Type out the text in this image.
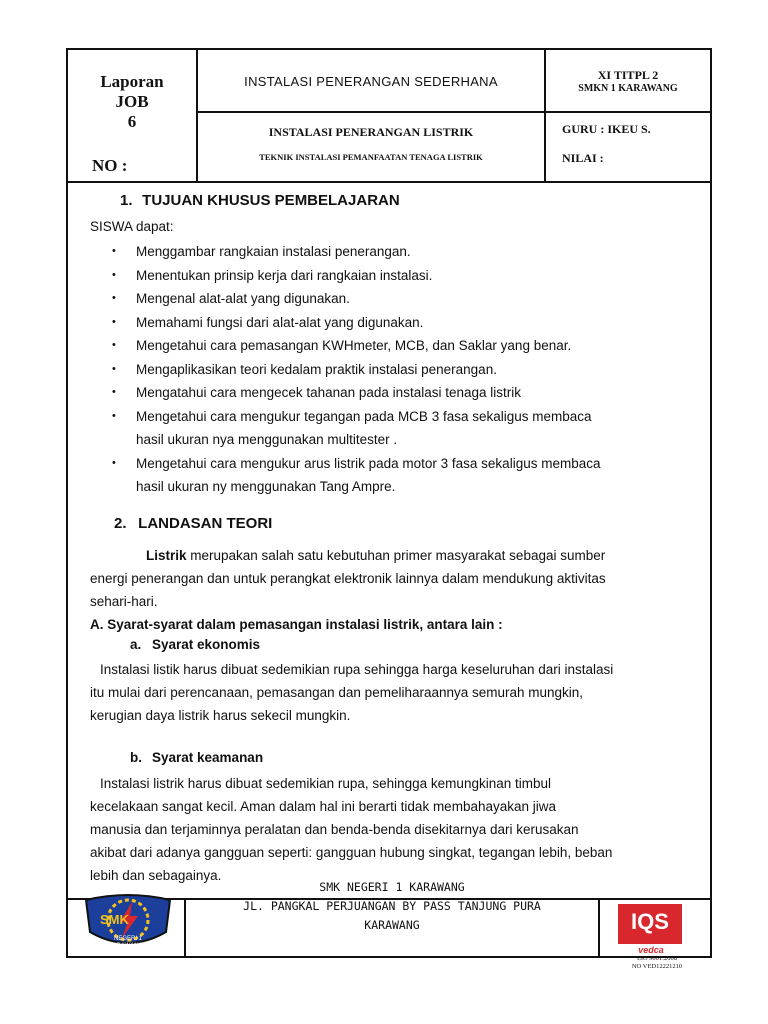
Laporan
JOB
6
NO :
INSTALASI PENERANGAN SEDERHANA
INSTALASI PENERANGAN LISTRIK
TEKNIK INSTALASI PEMANFAATAN TENAGA LISTRIK
XI TITPL 2
SMKN 1 KARAWANG
GURU : IKEU S.
NILAI :
1. TUJUAN KHUSUS PEMBELAJARAN
SISWA dapat:
• Menggambar rangkaian instalasi penerangan.
• Menentukan prinsip kerja dari rangkaian instalasi.
• Mengenal alat-alat yang digunakan.
• Memahami fungsi dari alat-alat yang digunakan.
• Mengetahui cara pemasangan KWHmeter, MCB, dan Saklar yang benar.
• Mengaplikasikan teori kedalam praktik instalasi penerangan.
• Mengatahui cara mengecek tahanan pada instalasi tenaga listrik
• Mengetahui cara mengukur tegangan pada MCB 3 fasa sekaligus membaca
hasil ukuran nya menggunakan multitester .
• Mengetahui cara mengukur arus listrik pada motor 3 fasa sekaligus membaca
hasil ukuran ny menggunakan Tang Ampre.
2. LANDASAN TEORI
Listrik merupakan salah satu kebutuhan primer masyarakat sebagai sumber
energi penerangan dan untuk perangkat elektronik lainnya dalam mendukung aktivitas
sehari-hari.
A. Syarat-syarat dalam pemasangan instalasi listrik, antara lain :
a. Syarat ekonomis
Instalasi listik harus dibuat sedemikian rupa sehingga harga keseluruhan dari instalasi
itu mulai dari perencanaan, pemasangan dan pemeliharaannya semurah mungkin,
kerugian daya listrik harus sekecil mungkin.
b. Syarat keamanan
Instalasi listrik harus dibuat sedemikian rupa, sehingga kemungkinan timbul
kecelakaan sangat kecil. Aman dalam hal ini berarti tidak membahayakan jiwa
manusia dan terjaminnya peralatan dan benda-benda disekitarnya dari kerusakan
akibat dari adanya gangguan seperti: gangguan hubung singkat, tegangan lebih, beban
lebih dan sebagainya.
SMK
NEGERI 1
KARAWANG
SMK NEGERI 1 KARAWANG
JL. PANGKAL PERJUANGAN BY PASS TANJUNG PURA
KARAWANG	IQS
vedca
ISO 9001:2008
NO VED12221210
